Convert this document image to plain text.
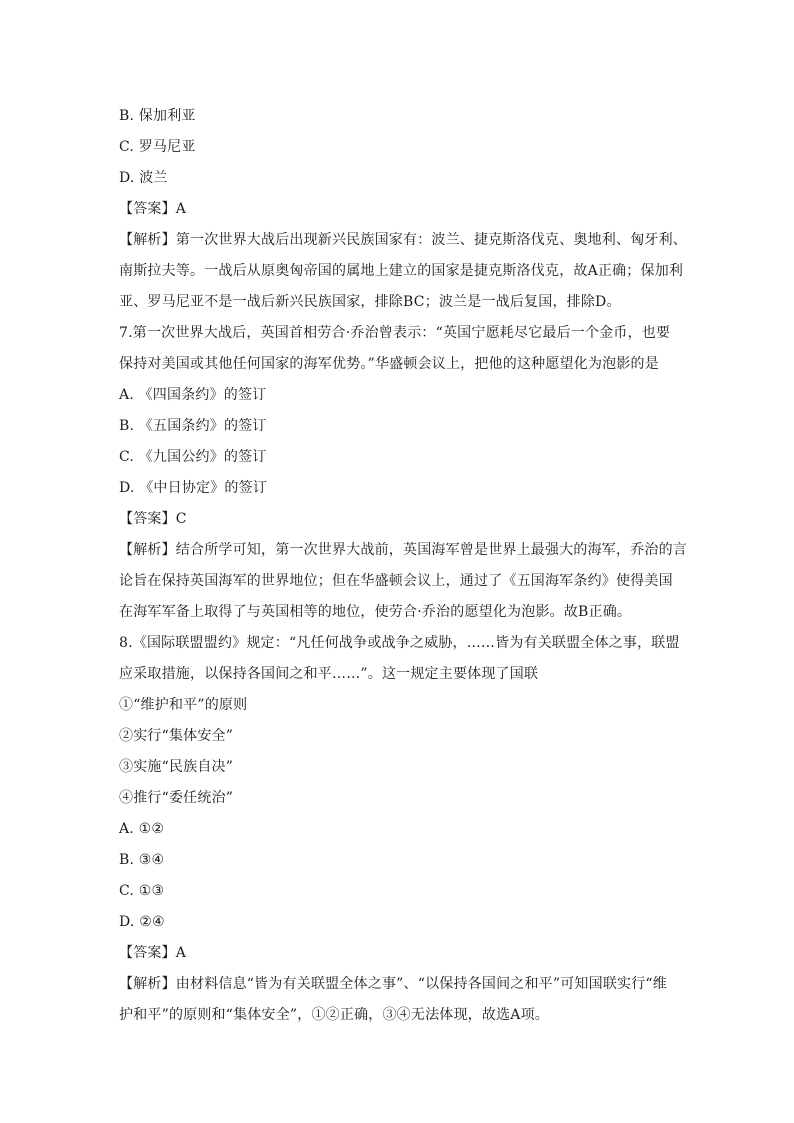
B. 保加利亚
C. 罗马尼亚
D. 波兰
【答案】A
【解析】第一次世界大战后出现新兴民族国家有：波兰、捷克斯洛伐克、奥地利、匈牙利、
南斯拉夫等。一战后从原奥匈帝国的属地上建立的国家是捷克斯洛伐克，故A正确；保加利
亚、罗马尼亚不是一战后新兴民族国家，排除BC；波兰是一战后复国，排除D。
7.第一次世界大战后，英国首相劳合·乔治曾表示：“英国宁愿耗尽它最后一个金币，也要
保持对美国或其他任何国家的海军优势。”华盛顿会议上，把他的这种愿望化为泡影的是
A. 《四国条约》的签订
B. 《五国条约》的签订
C. 《九国公约》的签订
D. 《中日协定》的签订
【答案】C
【解析】结合所学可知，第一次世界大战前，英国海军曾是世界上最强大的海军，乔治的言
论旨在保持英国海军的世界地位；但在华盛顿会议上，通过了《五国海军条约》使得美国
在海军军备上取得了与英国相等的地位，使劳合·乔治的愿望化为泡影。故B正确。
8.《国际联盟盟约》规定：“凡任何战争或战争之威胁，……皆为有关联盟全体之事，联盟
应采取措施，以保持各国间之和平……”。这一规定主要体现了国联
①“维护和平”的原则
②实行“集体安全”
③实施“民族自决”
④推行“委任统治”
A. ①②
B. ③④
C. ①③
D. ②④
【答案】A
【解析】由材料信息“皆为有关联盟全体之事”、“以保持各国间之和平”可知国联实行“维
护和平”的原则和“集体安全”，①②正确，③④无法体现，故选A项。
